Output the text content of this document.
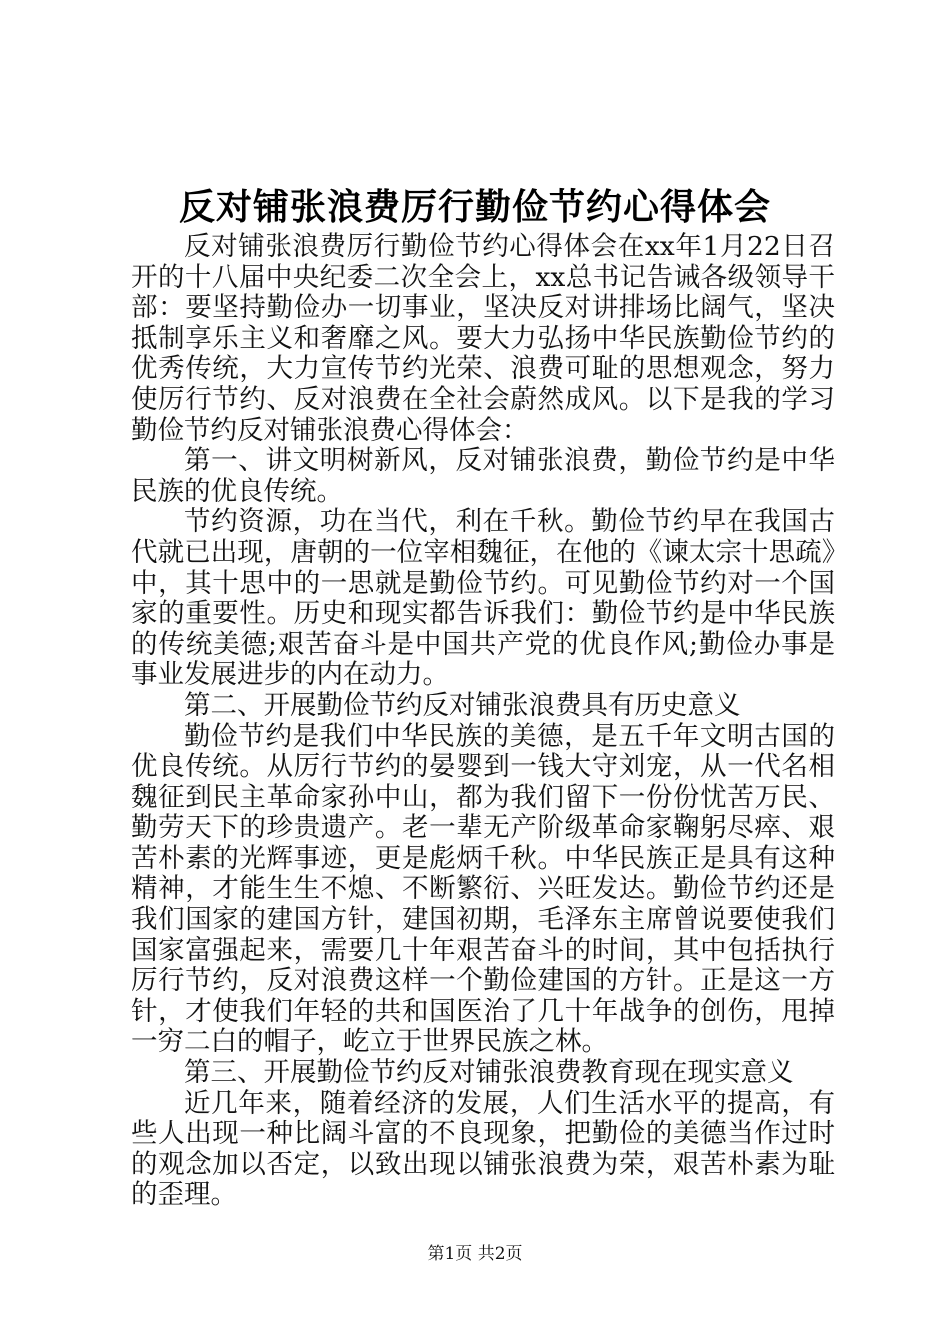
反对铺张浪费厉行勤俭节约心得体会

反对铺张浪费厉行勤俭节约心得体会在xx年1月22日召开的十八届中央纪委二次全会上，xx总书记告诫各级领导干部：要坚持勤俭办一切事业，坚决反对讲排场比阔气，坚决抵制享乐主义和奢靡之风。要大力弘扬中华民族勤俭节约的优秀传统，大力宣传节约光荣、浪费可耻的思想观念，努力使厉行节约、反对浪费在全社会蔚然成风。以下是我的学习勤俭节约反对铺张浪费心得体会：

第一、讲文明树新风，反对铺张浪费，勤俭节约是中华民族的优良传统。

节约资源，功在当代，利在千秋。勤俭节约早在我国古代就已出现，唐朝的一位宰相魏征，在他的《谏太宗十思疏》中，其十思中的一思就是勤俭节约。可见勤俭节约对一个国家的重要性。历史和现实都告诉我们：勤俭节约是中华民族的传统美德;艰苦奋斗是中国共产党的优良作风;勤俭办事是事业发展进步的内在动力。

第二、开展勤俭节约反对铺张浪费具有历史意义

勤俭节约是我们中华民族的美德，是五千年文明古国的优良传统。从厉行节约的晏婴到一钱大守刘宠，从一代名相魏征到民主革命家孙中山，都为我们留下一份份忧苦万民、勤劳天下的珍贵遗产。老一辈无产阶级革命家鞠躬尽瘁、艰苦朴素的光辉事迹，更是彪炳千秋。中华民族正是具有这种精神，才能生生不熄、不断繁衍、兴旺发达。勤俭节约还是我们国家的建国方针，建国初期，毛泽东主席曾说要使我们国家富强起来，需要几十年艰苦奋斗的时间，其中包括执行厉行节约，反对浪费这样一个勤俭建国的方针。正是这一方针，才使我们年轻的共和国医治了几十年战争的创伤，甩掉一穷二白的帽子，屹立于世界民族之林。

第三、开展勤俭节约反对铺张浪费教育现在现实意义

近几年来，随着经济的发展，人们生活水平的提高，有些人出现一种比阔斗富的不良现象，把勤俭的美德当作过时的观念加以否定，以致出现以铺张浪费为荣，艰苦朴素为耻的歪理。

第1页 共2页
